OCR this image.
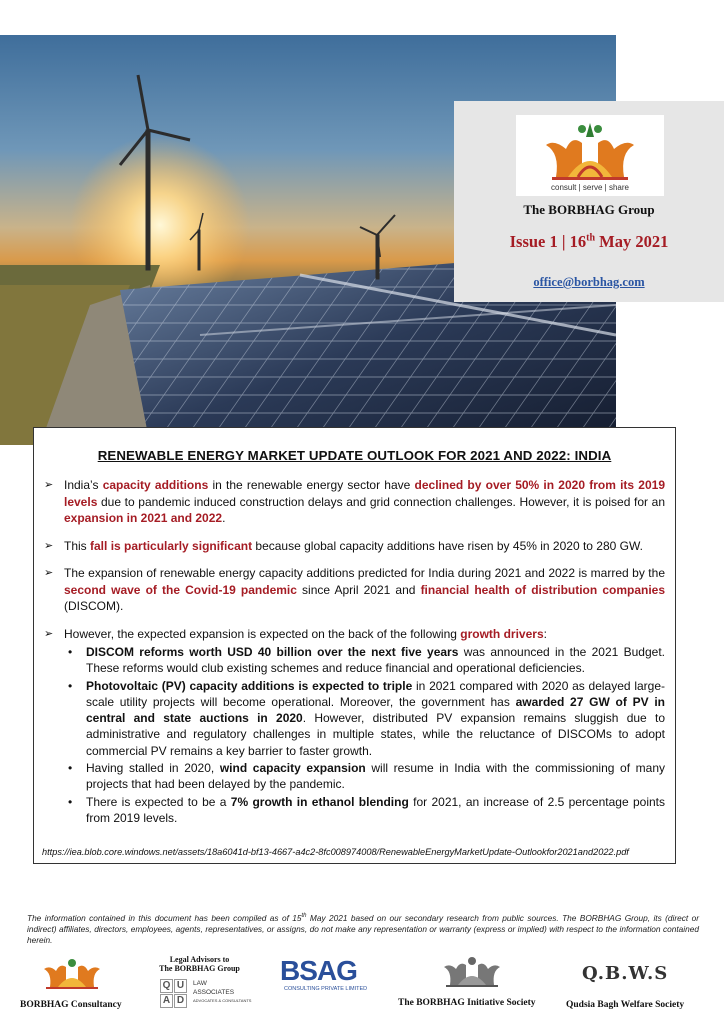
consult | serve | share
The BORBHAG Group
Issue 1 | 16th May 2021
office@borbhag.com
RENEWABLE ENERGY MARKET UPDATE OUTLOOK FOR 2021 AND 2022: INDIA
➢ India’s capacity additions in the renewable energy sector have declined by over 50% in 2020 from its 2019 levels due to pandemic induced construction delays and grid connection challenges. However, it is poised for an expansion in 2021 and 2022.
➢ This fall is particularly significant because global capacity additions have risen by 45% in 2020 to 280 GW.
➢ The expansion of renewable energy capacity additions predicted for India during 2021 and 2022 is marred by the second wave of the Covid-19 pandemic since April 2021 and financial health of distribution companies (DISCOM).
➢ However, the expected expansion is expected on the back of the following growth drivers:
• DISCOM reforms worth USD 40 billion over the next five years was announced in the 2021 Budget. These reforms would club existing schemes and reduce financial and operational deficiencies.
• Photovoltaic (PV) capacity additions is expected to triple in 2021 compared with 2020 as delayed large-scale utility projects will become operational. Moreover, the government has awarded 27 GW of PV in central and state auctions in 2020. However, distributed PV expansion remains sluggish due to administrative and regulatory challenges in multiple states, while the reluctance of DISCOMs to adopt commercial PV remains a key barrier to faster growth.
• Having stalled in 2020, wind capacity expansion will resume in India with the commissioning of many projects that had been delayed by the pandemic.
• There is expected to be a 7% growth in ethanol blending for 2021, an increase of 2.5 percentage points from 2019 levels.
https://iea.blob.core.windows.net/assets/18a6041d-bf13-4667-a4c2-8fc008974008/RenewableEnergyMarketUpdate-Outlookfor2021and2022.pdf
The information contained in this document has been compiled as of 15th May 2021 based on our secondary research from public sources. The BORBHAG Group, its (direct or indirect) affiliates, directors, employees, agents, representatives, or assigns, do not make any representation or warranty (express or implied) with respect to the information contained herein.
BORBHAG Consultancy
Legal Advisors to
The BORBHAG Group
Q U
A D
LAW
ASSOCIATES
ADVOCATES & CONSULTANTS
BSAG
CONSULTING PRIVATE LIMITED
The BORBHAG Initiative Society
Q.B.W.S
Qudsia Bagh Welfare Society
